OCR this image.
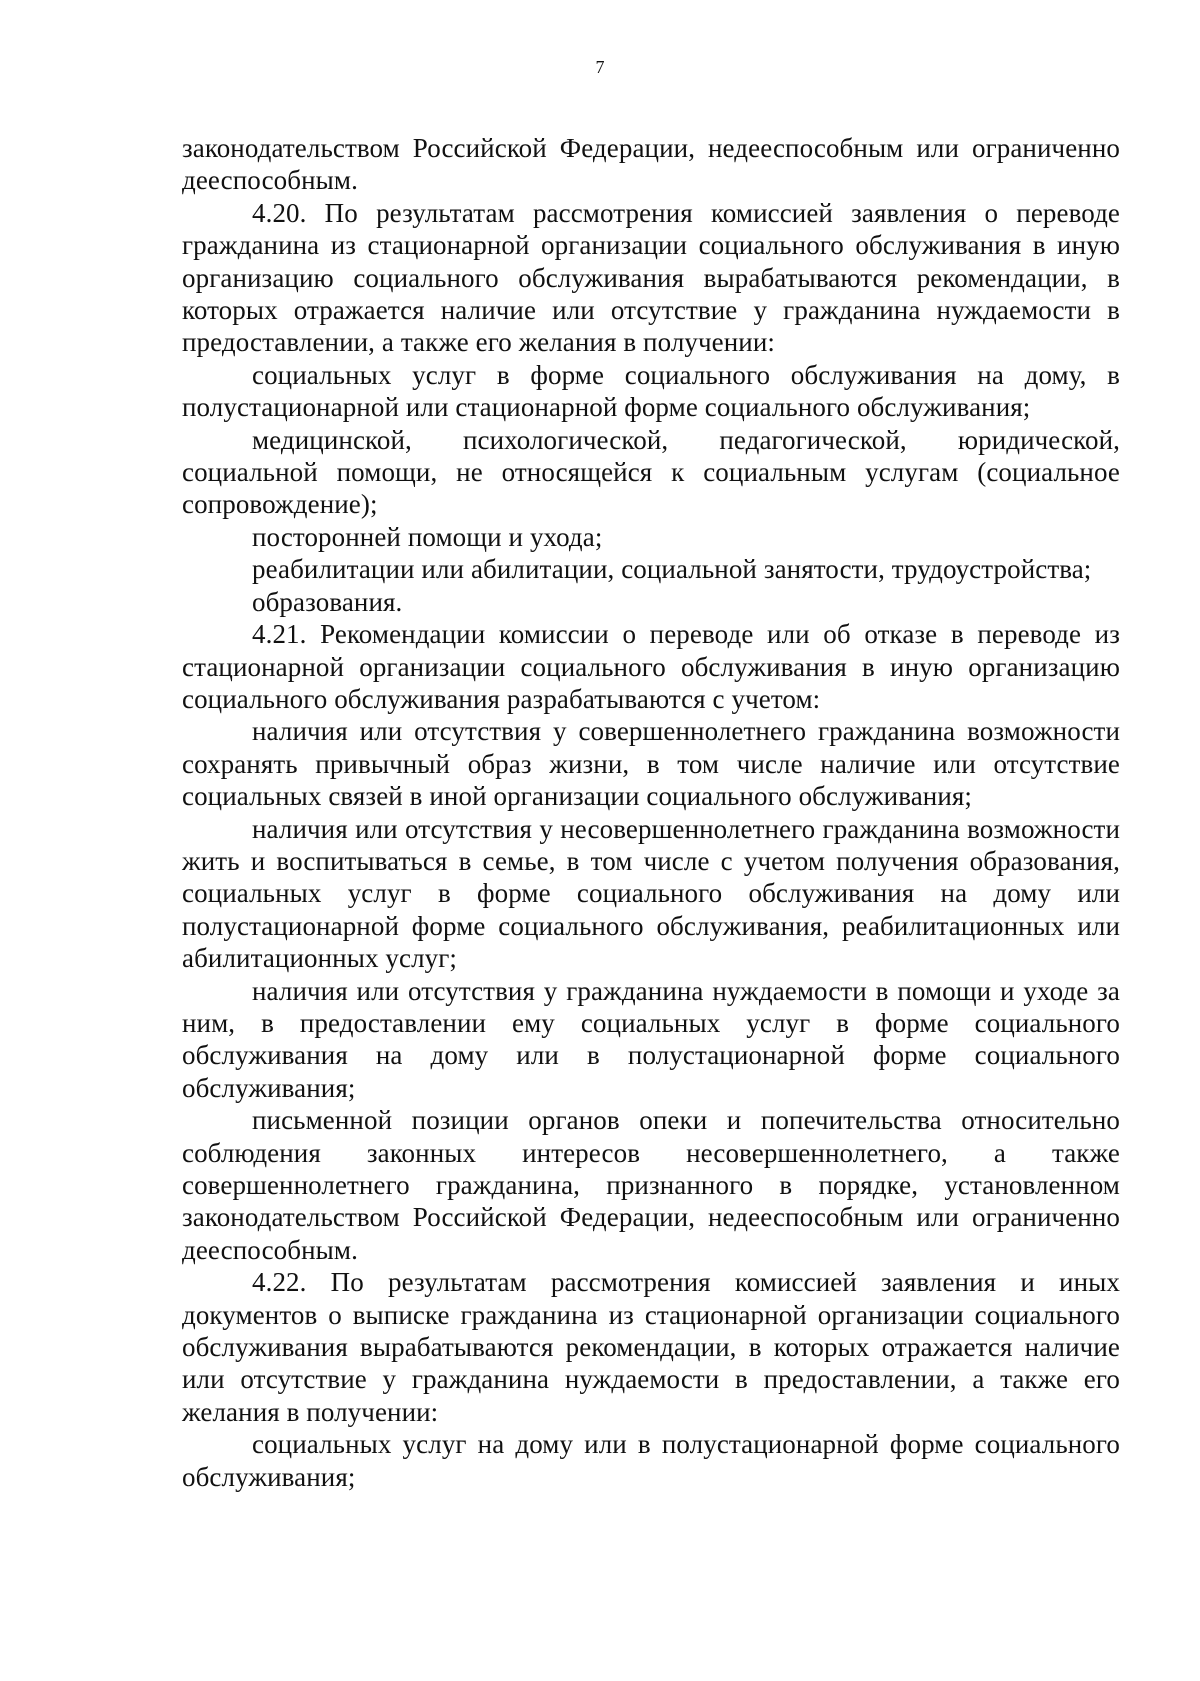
7

законодательством Российской Федерации, недееспособным или ограниченно дееспособным.

4.20. По результатам рассмотрения комиссией заявления о переводе гражданина из стационарной организации социального обслуживания в иную организацию социального обслуживания вырабатываются рекомендации, в которых отражается наличие или отсутствие у гражданина нуждаемости в предоставлении, а также его желания в получении:

социальных услуг в форме социального обслуживания на дому, в полустационарной или стационарной форме социального обслуживания;

медицинской, психологической, педагогической, юридической, социальной помощи, не относящейся к социальным услугам (социальное сопровождение);

посторонней помощи и ухода;

реабилитации или абилитации, социальной занятости, трудоустройства;

образования.

4.21. Рекомендации комиссии о переводе или об отказе в переводе из стационарной организации социального обслуживания в иную организацию социального обслуживания разрабатываются с учетом:

наличия или отсутствия у совершеннолетнего гражданина возможности сохранять привычный образ жизни, в том числе наличие или отсутствие социальных связей в иной организации социального обслуживания;

наличия или отсутствия у несовершеннолетнего гражданина возможности жить и воспитываться в семье, в том числе с учетом получения образования, социальных услуг в форме социального обслуживания на дому или полустационарной форме социального обслуживания, реабилитационных или абилитационных услуг;

наличия или отсутствия у гражданина нуждаемости в помощи и уходе за ним, в предоставлении ему социальных услуг в форме социального обслуживания на дому или в полустационарной форме социального обслуживания;

письменной позиции органов опеки и попечительства относительно соблюдения законных интересов несовершеннолетнего, а также совершеннолетнего гражданина, признанного в порядке, установленном законодательством Российской Федерации, недееспособным или ограниченно дееспособным.

4.22. По результатам рассмотрения комиссией заявления и иных документов о выписке гражданина из стационарной организации социального обслуживания вырабатываются рекомендации, в которых отражается наличие или отсутствие у гражданина нуждаемости в предоставлении, а также его желания в получении:

социальных услуг на дому или в полустационарной форме социального обслуживания;
